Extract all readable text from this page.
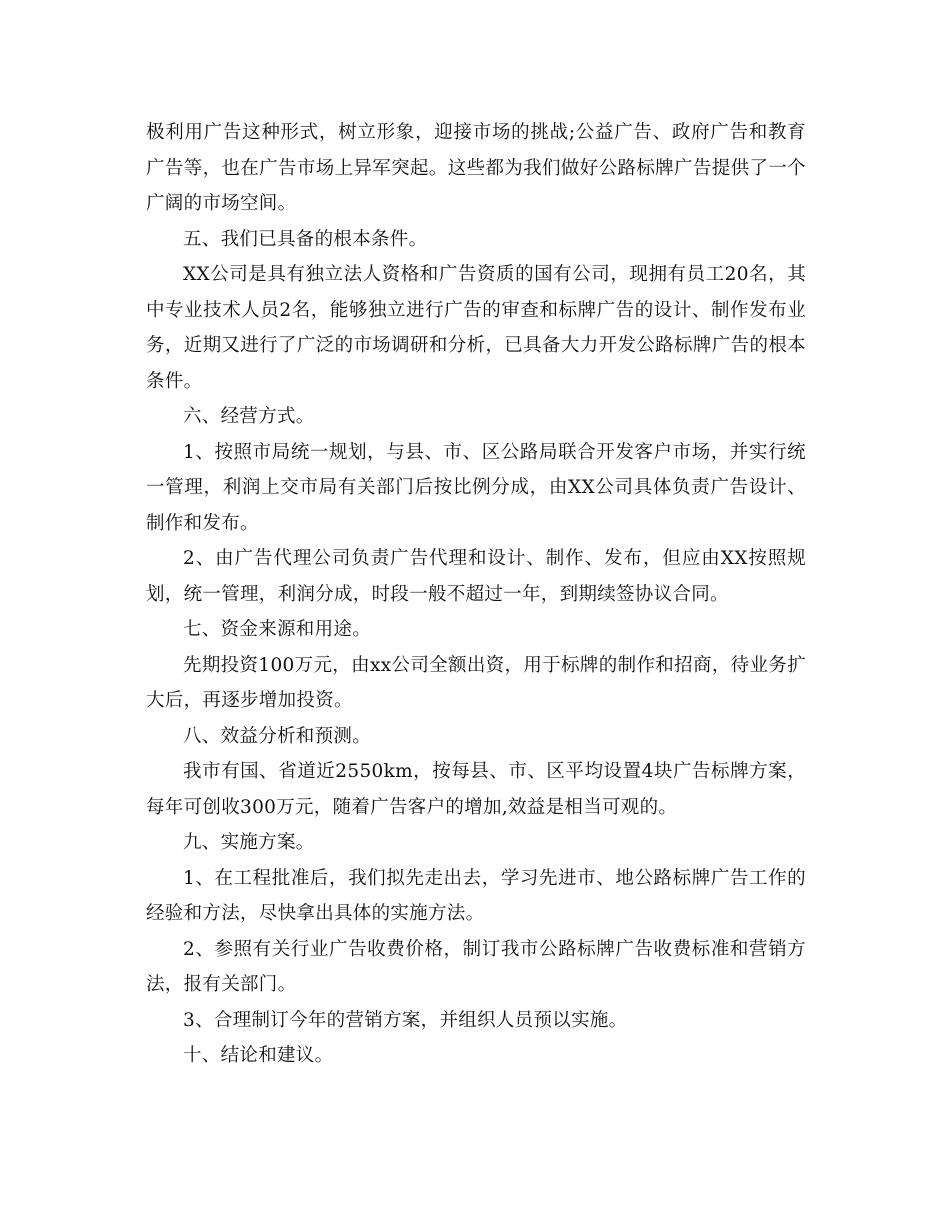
极利用广告这种形式，树立形象，迎接市场的挑战;公益广告、政府广告和教育广告等，也在广告市场上异军突起。这些都为我们做好公路标牌广告提供了一个广阔的市场空间。

五、我们已具备的根本条件。

XX公司是具有独立法人资格和广告资质的国有公司，现拥有员工20名，其中专业技术人员2名，能够独立进行广告的审查和标牌广告的设计、制作发布业务，近期又进行了广泛的市场调研和分析，已具备大力开发公路标牌广告的根本条件。

六、经营方式。

1、按照市局统一规划，与县、市、区公路局联合开发客户市场，并实行统一管理，利润上交市局有关部门后按比例分成，由XX公司具体负责广告设计、制作和发布。

2、由广告代理公司负责广告代理和设计、制作、发布，但应由XX按照规划，统一管理，利润分成，时段一般不超过一年，到期续签协议合同。

七、资金来源和用途。

先期投资100万元，由xx公司全额出资，用于标牌的制作和招商，待业务扩大后，再逐步增加投资。

八、效益分析和预测。

我市有国、省道近2550km，按每县、市、区平均设置4块广告标牌方案，每年可创收300万元，随着广告客户的增加,效益是相当可观的。

九、实施方案。

1、在工程批准后，我们拟先走出去，学习先进市、地公路标牌广告工作的经验和方法，尽快拿出具体的实施方法。

2、参照有关行业广告收费价格，制订我市公路标牌广告收费标准和营销方法，报有关部门。

3、合理制订今年的营销方案，并组织人员预以实施。

十、结论和建议。
